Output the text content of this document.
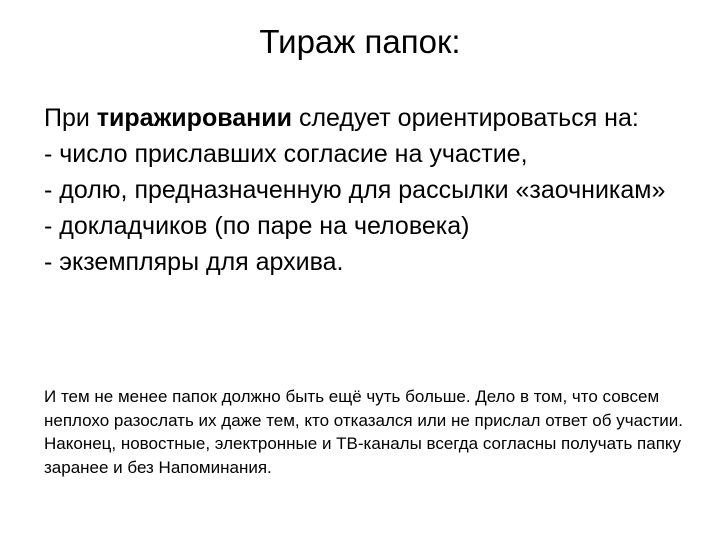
Тираж папок:
При тиражировании следует ориентироваться на:
- число приславших согласие на участие,
- долю, предназначенную для рассылки «заочникам»
- докладчиков (по паре на человека)
- экземпляры для архива.
И тем не менее папок должно быть ещё чуть больше. Дело в том, что совсем неплохо разослать их даже тем, кто отказался или не прислал ответ об участии. Наконец, новостные, электронные и ТВ-каналы всегда согласны получать папку заранее и без Напоминания.
